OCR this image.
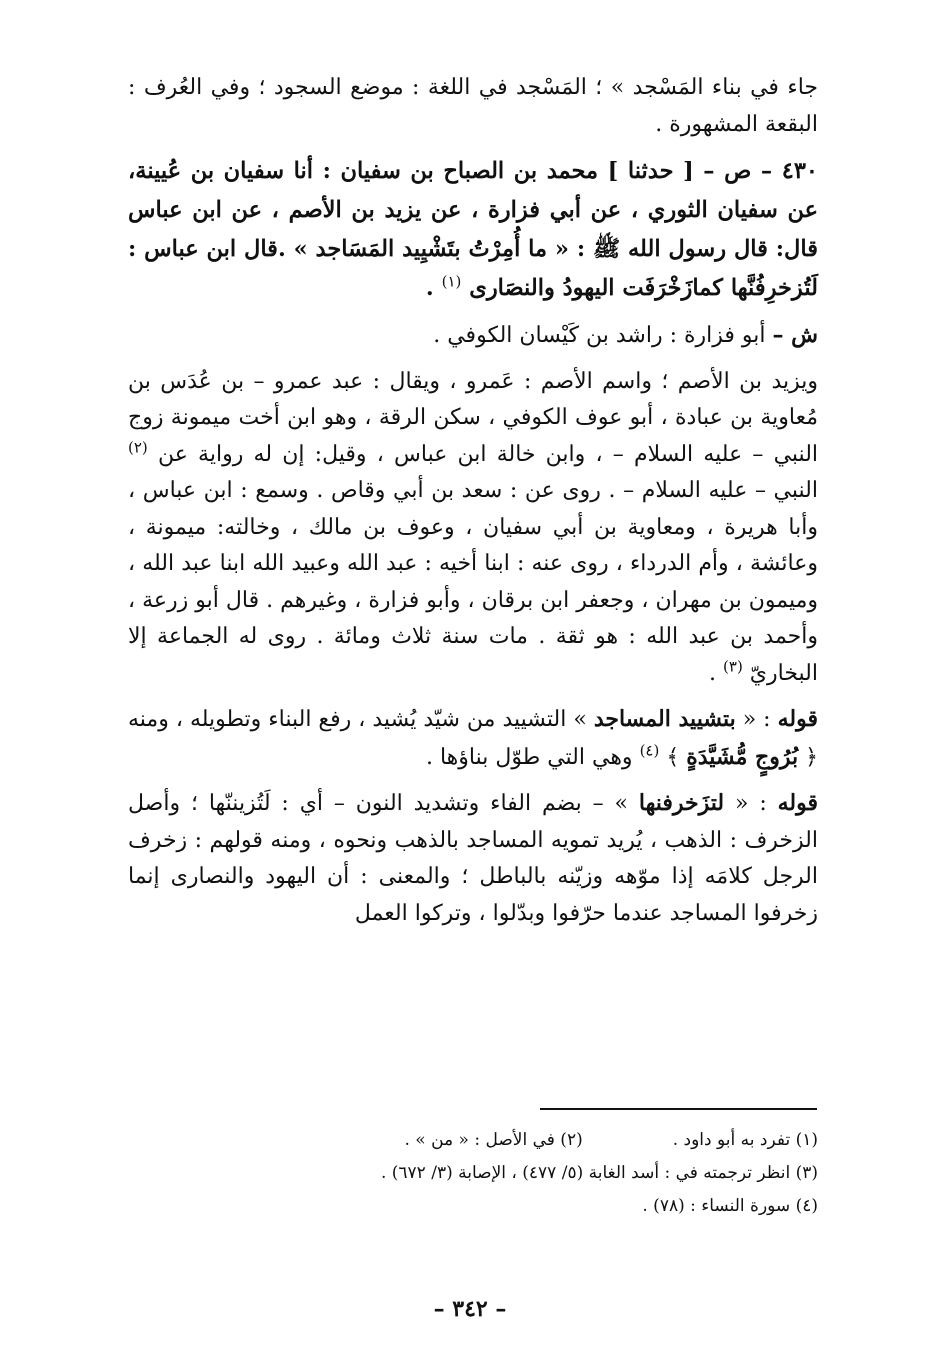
جاء في بناء المَسْجد » ؛ المَسْجد في اللغة : موضع السجود ؛ وفي العُرف : البقعة المشهورة .

٤٣٠ – ص – [ حدثنا ] محمد بن الصباح بن سفيان : أنا سفيان بن عُيينة، عن سفيان الثوري ، عن أبي فزارة ، عن يزيد بن الأصم ، عن ابن عباس قال: قال رسول الله ﷺ : « ما أُمِرْتُ بتَشْيِيد المَسَاجد » .قال ابن عباس : لَتُزخرِفُنَّها كمازَخْرَفَت اليهودُ والنصَارى $^{(١)}$ .

ش – أبو فزارة : راشد بن كَيْسان الكوفي .

ويزيد بن الأصم ؛ واسم الأصم : عَمرو ، ويقال : عبد عمرو – بن عُدَس بن مُعاوية بن عبادة ، أبو عوف الكوفي ، سكن الرقة ، وهو ابن أخت ميمونة زوج النبي – عليه السلام – ، وابن خالة ابن عباس ، وقيل: إن له رواية عن $^{(٢)}$ النبي – عليه السلام – . روى عن : سعد بن أبي وقاص . وسمع : ابن عباس ، وأبا هريرة ، ومعاوية بن أبي سفيان ، وعوف بن مالك ، وخالته: ميمونة ، وعائشة ، وأم الدرداء ، روى عنه : ابنا أخيه : عبد الله وعبيد الله ابنا عبد الله ، وميمون بن مهران ، وجعفر ابن برقان ، وأبو فزارة ، وغيرهم . قال أبو زرعة ، وأحمد بن عبد الله : هو ثقة . مات سنة ثلاث ومائة . روى له الجماعة إلا البخاريّ $^{(٣)}$ .

قوله : « بتشييد المساجد » التشييد من شيّد يُشيد ، رفع البناء وتطويله ، ومنه ﴿ بُرُوجٍ مُّشَيَّدَةٍ ﴾ $^{(٤)}$ وهي التي طوّل بناؤها .

قوله : « لتزَخرفنها » – بضم الفاء وتشديد النون – أي : لَتُزيننّها ؛ وأصل الزخرف : الذهب ، يُريد تمويه المساجد بالذهب ونحوه ، ومنه قولهم : زخرف الرجل كلامَه إذا موّهه وزيّنه بالباطل ؛ والمعنى : أن اليهود والنصارى إنما زخرفوا المساجد عندما حرّفوا وبدّلوا ، وتركوا العمل

(١) تفرد به أبو داود .(٢) في الأصل : « من » .
(٣) انظر ترجمته في : أسد الغابة (٥/ ٤٧٧) ، الإصابة (٣/ ٦٧٢) .
(٤) سورة النساء : (٧٨) .
– ٣٤٢ –
